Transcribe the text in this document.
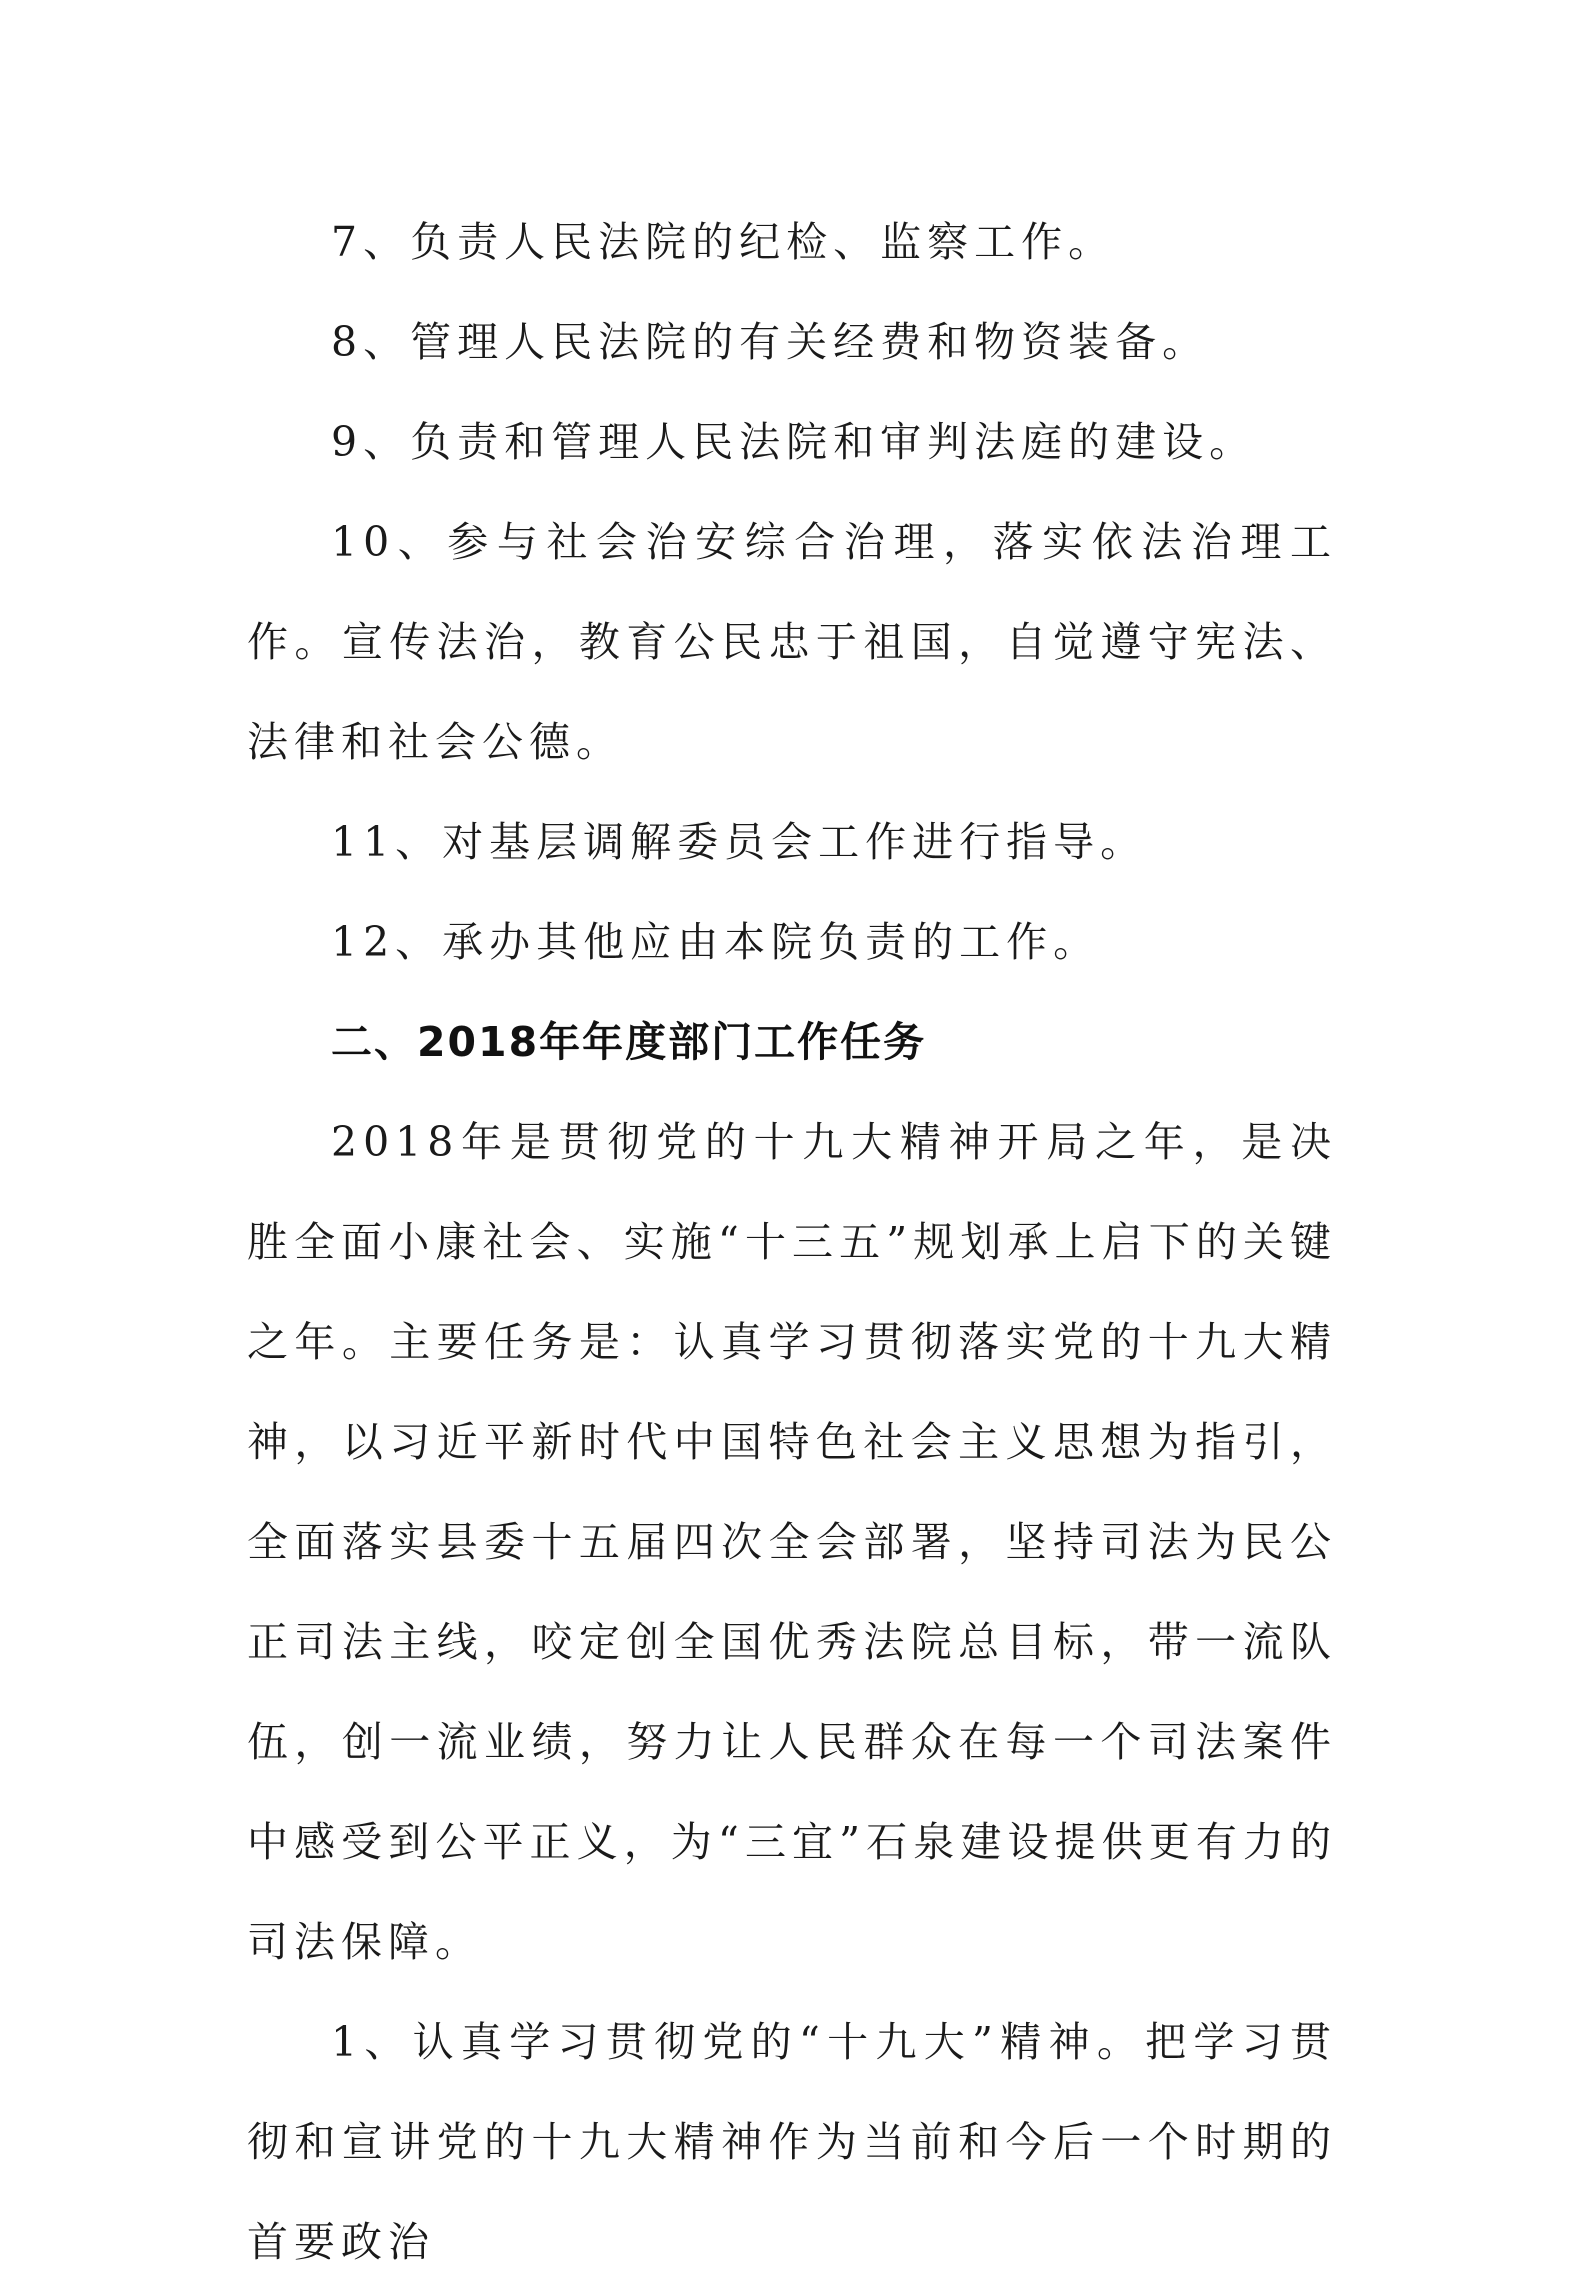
7、负责人民法院的纪检、监察工作。

8、管理人民法院的有关经费和物资装备。

9、负责和管理人民法院和审判法庭的建设。

10、参与社会治安综合治理，落实依法治理工作。宣传法治，教育公民忠于祖国，自觉遵守宪法、法律和社会公德。

11、对基层调解委员会工作进行指导。

12、承办其他应由本院负责的工作。

二、2018年年度部门工作任务

2018年是贯彻党的十九大精神开局之年，是决胜全面小康社会、实施“十三五”规划承上启下的关键之年。主要任务是：认真学习贯彻落实党的十九大精神，以习近平新时代中国特色社会主义思想为指引，全面落实县委十五届四次全会部署，坚持司法为民公正司法主线，咬定创全国优秀法院总目标，带一流队伍，创一流业绩，努力让人民群众在每一个司法案件中感受到公平正义，为“三宜”石泉建设提供更有力的司法保障。

1、认真学习贯彻党的“十九大”精神。把学习贯彻和宣讲党的十九大精神作为当前和今后一个时期的首要政治
